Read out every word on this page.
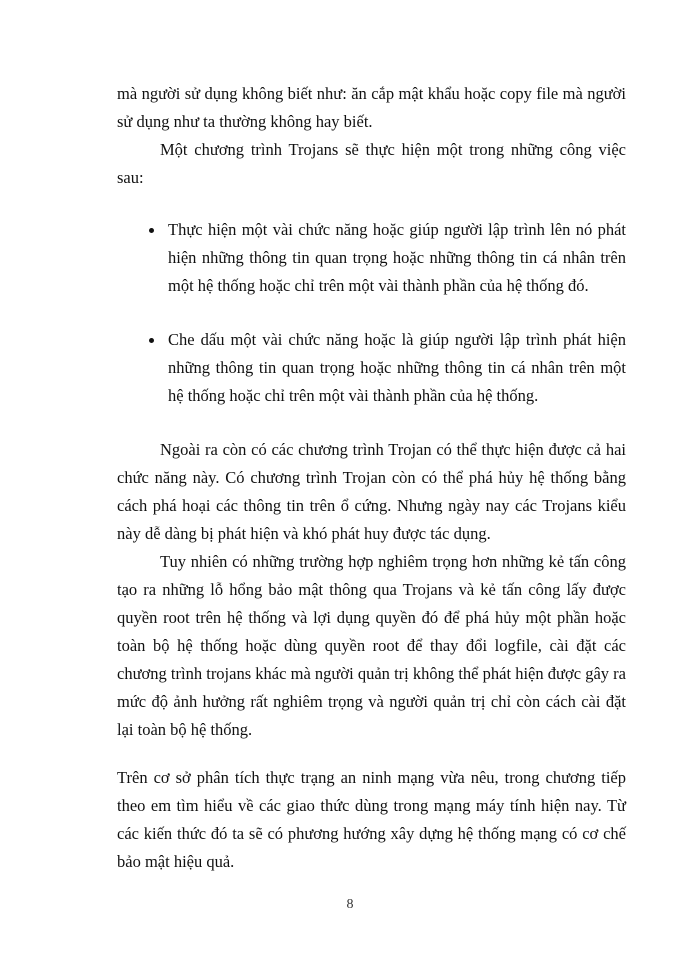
mà người sử dụng không biết như: ăn cắp mật khẩu hoặc copy file mà người sử dụng như ta thường không hay biết.

Một chương trình Trojans sẽ thực hiện một trong những công việc sau:

Thực hiện một vài chức năng hoặc giúp người lập trình lên nó phát hiện những thông tin quan trọng hoặc những thông tin cá nhân trên một hệ thống hoặc chỉ trên một vài thành phần của hệ thống đó.
Che dấu một vài chức năng hoặc là giúp người lập trình phát hiện những thông tin quan trọng hoặc những thông tin cá nhân trên một hệ thống hoặc chỉ trên một vài thành phần của hệ thống.

Ngoài ra còn có các chương trình Trojan có thể thực hiện được cả hai chức năng này. Có chương trình Trojan còn có thể phá hủy hệ thống bằng cách phá hoại các thông tin trên ổ cứng. Nhưng ngày nay các Trojans kiểu này dễ dàng bị phát hiện và khó phát huy được tác dụng.

Tuy nhiên có những trường hợp nghiêm trọng hơn những kẻ tấn công tạo ra những lỗ hổng bảo mật thông qua Trojans và kẻ tấn công lấy được quyền root trên hệ thống và lợi dụng quyền đó để phá hủy một phần hoặc toàn bộ hệ thống hoặc dùng quyền root để thay đổi logfile, cài đặt các chương trình trojans khác mà người quản trị không thể phát hiện được gây ra mức độ ảnh hưởng rất nghiêm trọng và người quản trị chỉ còn cách cài đặt lại toàn bộ hệ thống.

Trên cơ sở phân tích thực trạng an ninh mạng vừa nêu, trong chương tiếp theo em tìm hiểu về các giao thức dùng trong mạng máy tính hiện nay. Từ các kiến thức đó ta sẽ có phương hướng xây dựng hệ thống mạng có cơ chế bảo mật hiệu quả.

8
